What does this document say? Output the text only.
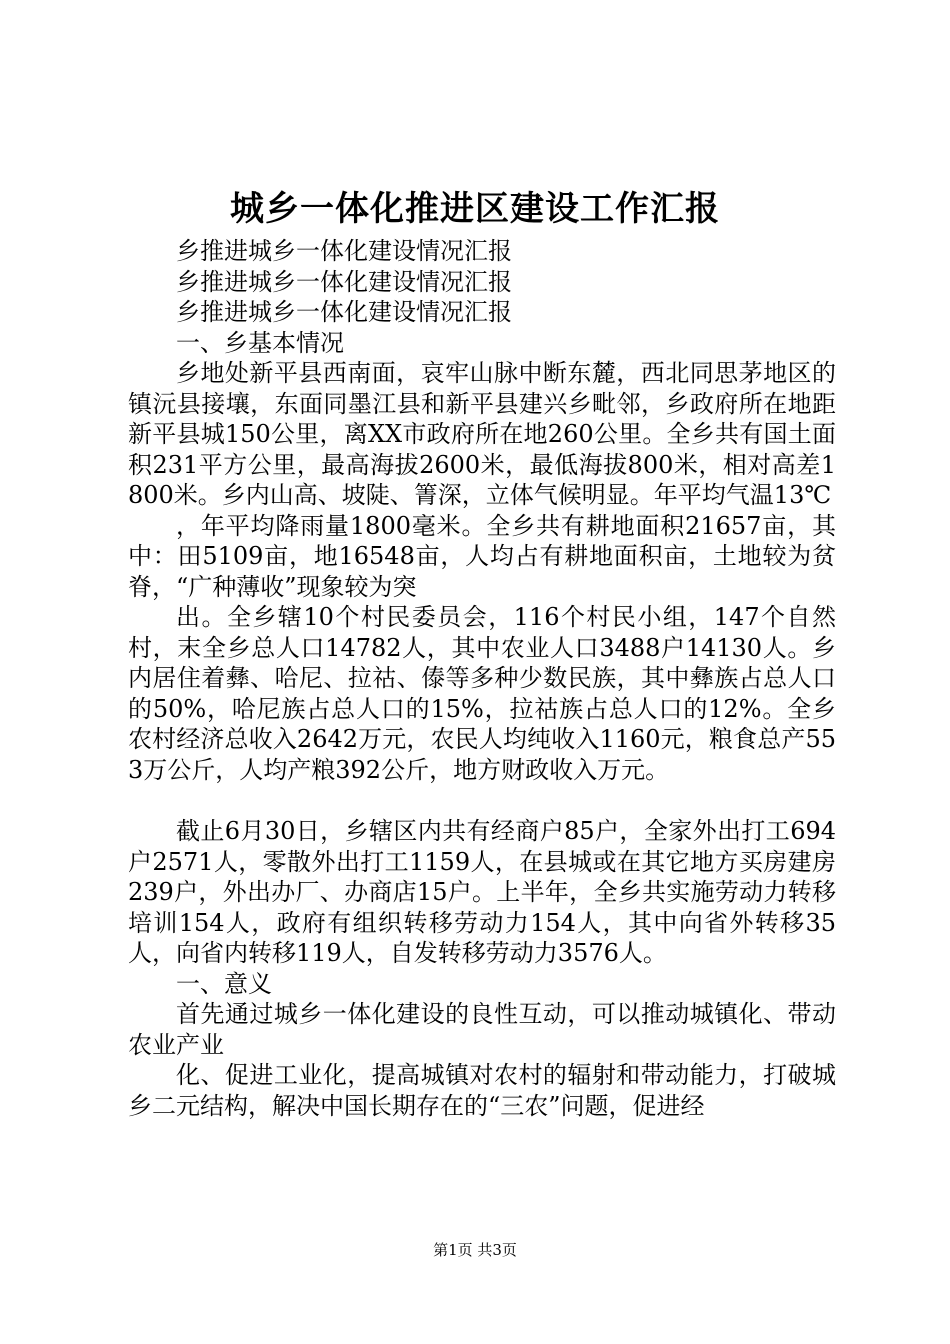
城乡一体化推进区建设工作汇报

乡推进城乡一体化建设情况汇报

乡推进城乡一体化建设情况汇报

乡推进城乡一体化建设情况汇报

一、乡基本情况

乡地处新平县西南面，哀牢山脉中断东麓，西北同思茅地区的镇沅县接壤，东面同墨江县和新平县建兴乡毗邻，乡政府所在地距新平县城150公里，离XX市政府所在地260公里。全乡共有国土面积231平方公里，最高海拔2600米，最低海拔800米，相对高差1800米。乡内山高、坡陡、箐深，立体气候明显。年平均气温13℃

，年平均降雨量1800毫米。全乡共有耕地面积21657亩，其中：田5109亩，地16548亩，人均占有耕地面积亩，土地较为贫脊，“广种薄收”现象较为突

出。全乡辖10个村民委员会，116个村民小组，147个自然村，末全乡总人口14782人，其中农业人口3488户14130人。乡内居住着彝、哈尼、拉祜、傣等多种少数民族，其中彝族占总人口的50%，哈尼族占总人口的15%，拉祜族占总人口的12%。全乡农村经济总收入2642万元，农民人均纯收入1160元，粮食总产553万公斤，人均产粮392公斤，地方财政收入万元。

截止6月30日，乡辖区内共有经商户85户，全家外出打工694户2571人，零散外出打工1159人，在县城或在其它地方买房建房239户，外出办厂、办商店15户。上半年，全乡共实施劳动力转移培训154人，政府有组织转移劳动力154人，其中向省外转移35人，向省内转移119人，自发转移劳动力3576人。

一、意义

首先通过城乡一体化建设的良性互动，可以推动城镇化、带动农业产业

化、促进工业化，提高城镇对农村的辐射和带动能力，打破城乡二元结构，解决中国长期存在的“三农”问题，促进经

第1页 共3页
